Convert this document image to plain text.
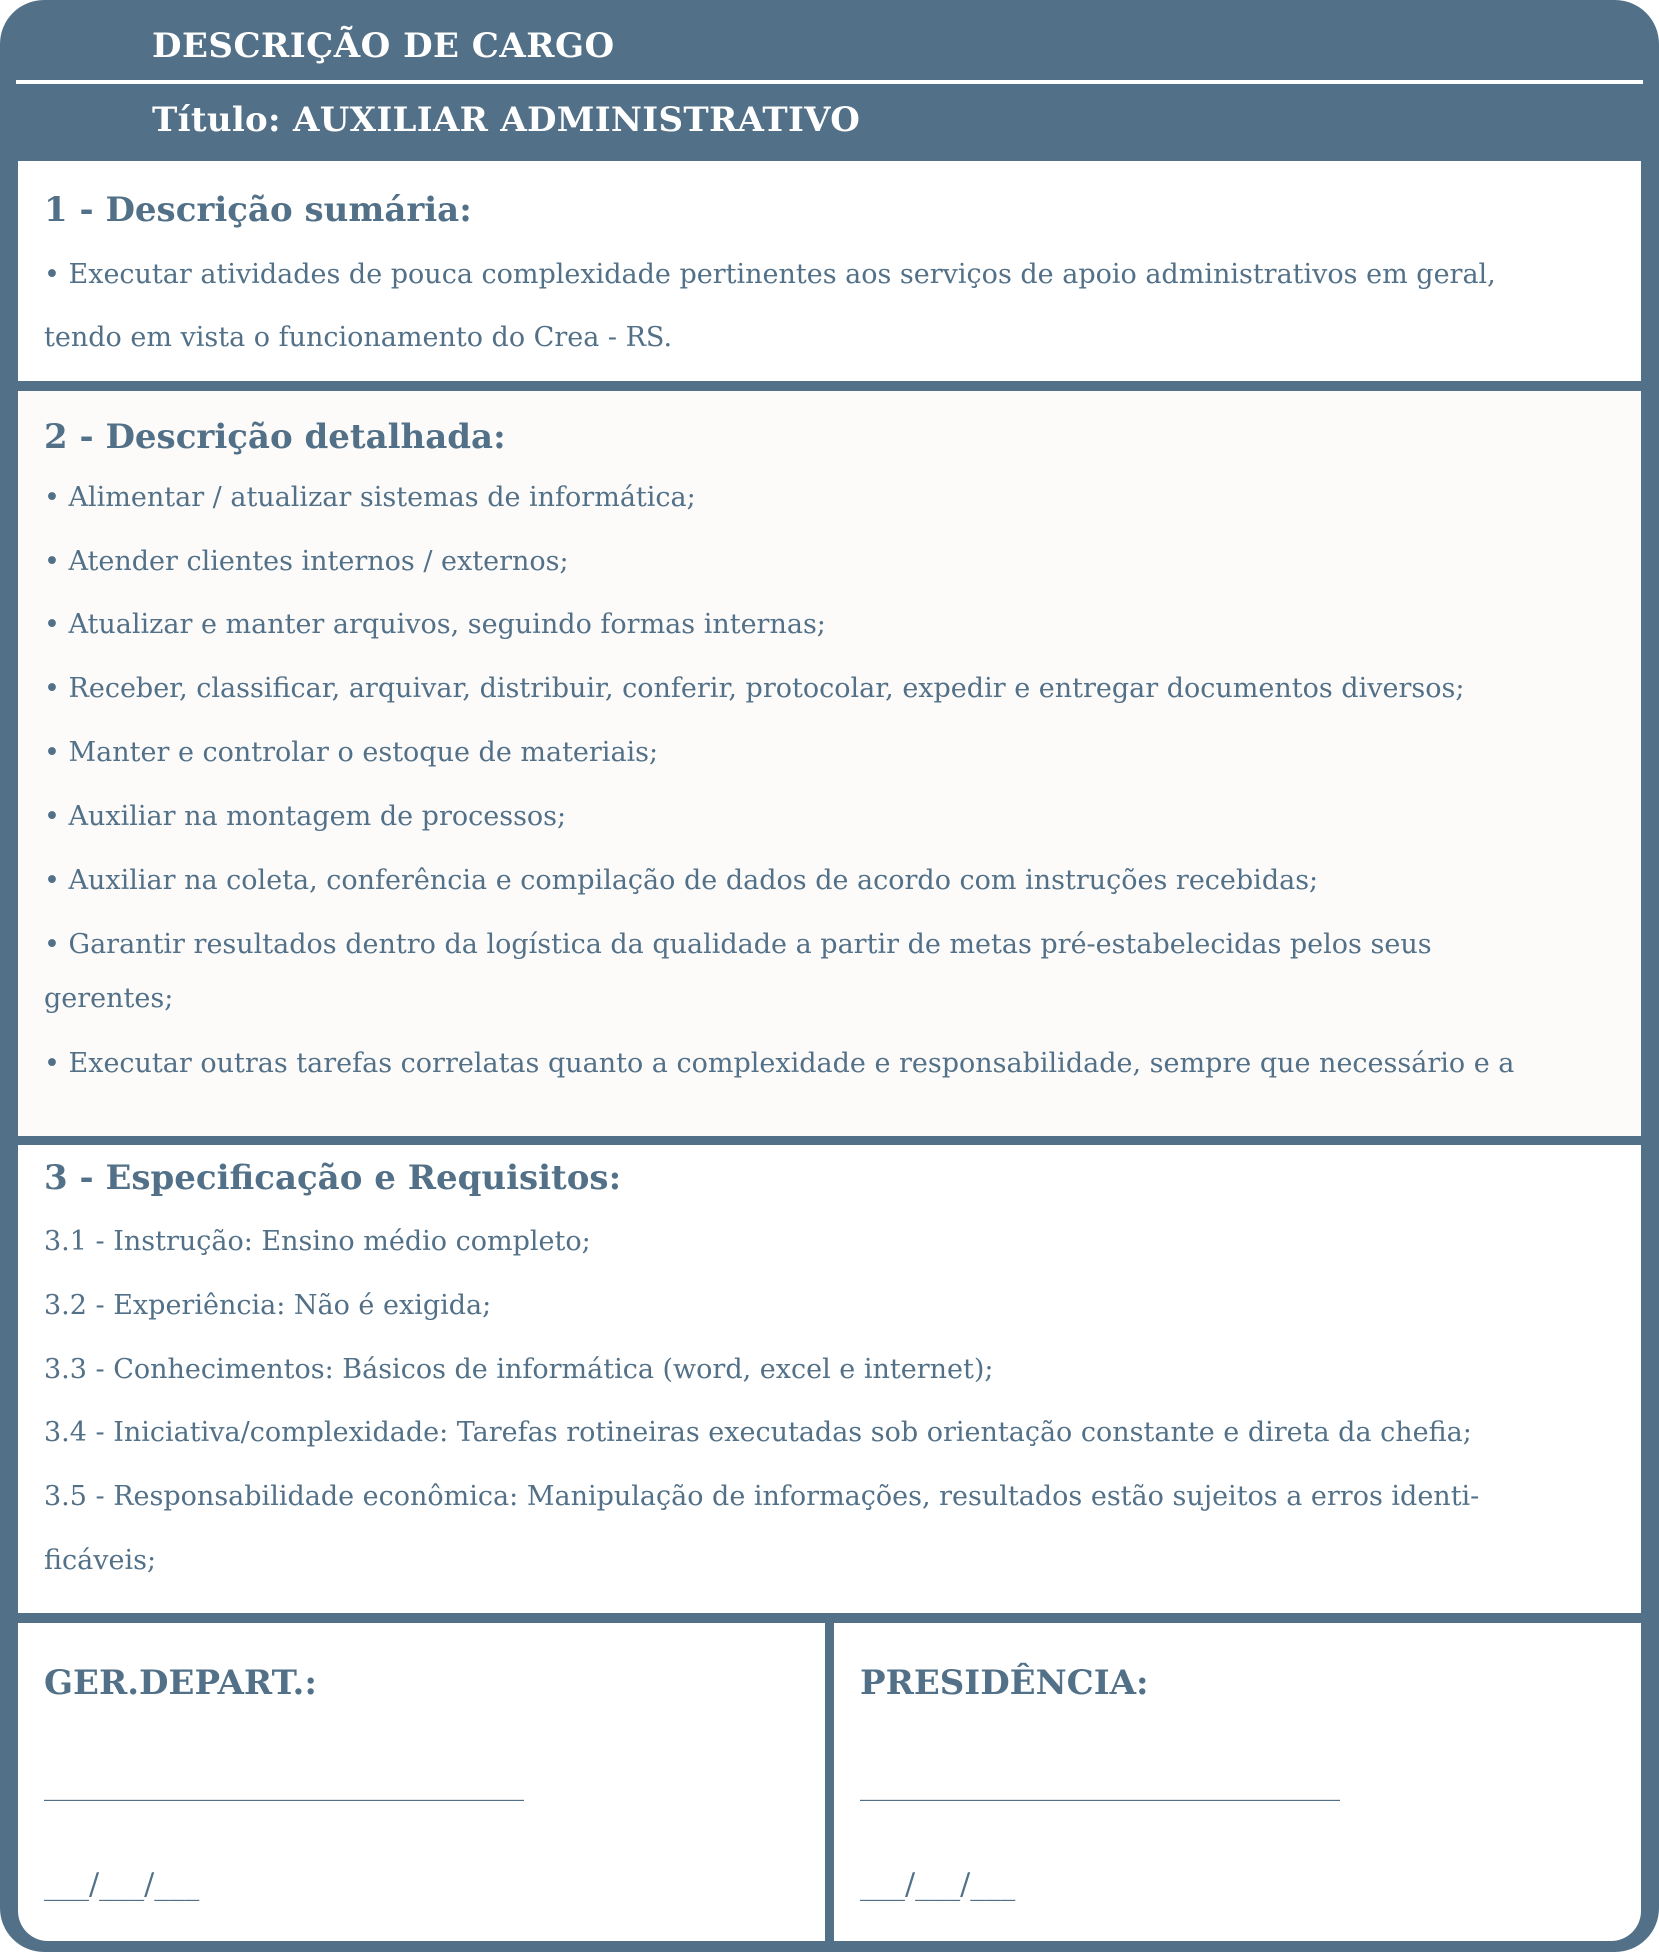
DESCRIÇÃO DE CARGO
Título: AUXILIAR ADMINISTRATIVO
1 - Descrição sumária:
• Executar atividades de pouca complexidade pertinentes aos serviços de apoio administrativos em geral,
tendo em vista o funcionamento do Crea - RS.
2 - Descrição detalhada:
• Alimentar / atualizar sistemas de informática;
• Atender clientes internos / externos;
• Atualizar e manter arquivos, seguindo formas internas;
• Receber, classificar, arquivar, distribuir, conferir, protocolar, expedir e entregar documentos diversos;
• Manter e controlar o estoque de materiais;
• Auxiliar na montagem de processos;
• Auxiliar na coleta, conferência e compilação de dados de acordo com instruções recebidas;
• Garantir resultados dentro da logística da qualidade a partir de metas pré-estabelecidas pelos seus
gerentes;
• Executar outras tarefas correlatas quanto a complexidade e responsabilidade, sempre que necessário e a
3 - Especificação e Requisitos:
3.1 - Instrução: Ensino médio completo;
3.2 - Experiência: Não é exigida;
3.3 - Conhecimentos: Básicos de informática (word, excel e internet);
3.4 - Iniciativa/complexidade: Tarefas rotineiras executadas sob orientação constante e direta da chefia;
3.5 - Responsabilidade econômica: Manipulação de informações, resultados estão sujeitos a erros identi-
ficáveis;
GER.DEPART.:
________________________________
___/___/___
PRESIDÊNCIA:
________________________________
___/___/___
